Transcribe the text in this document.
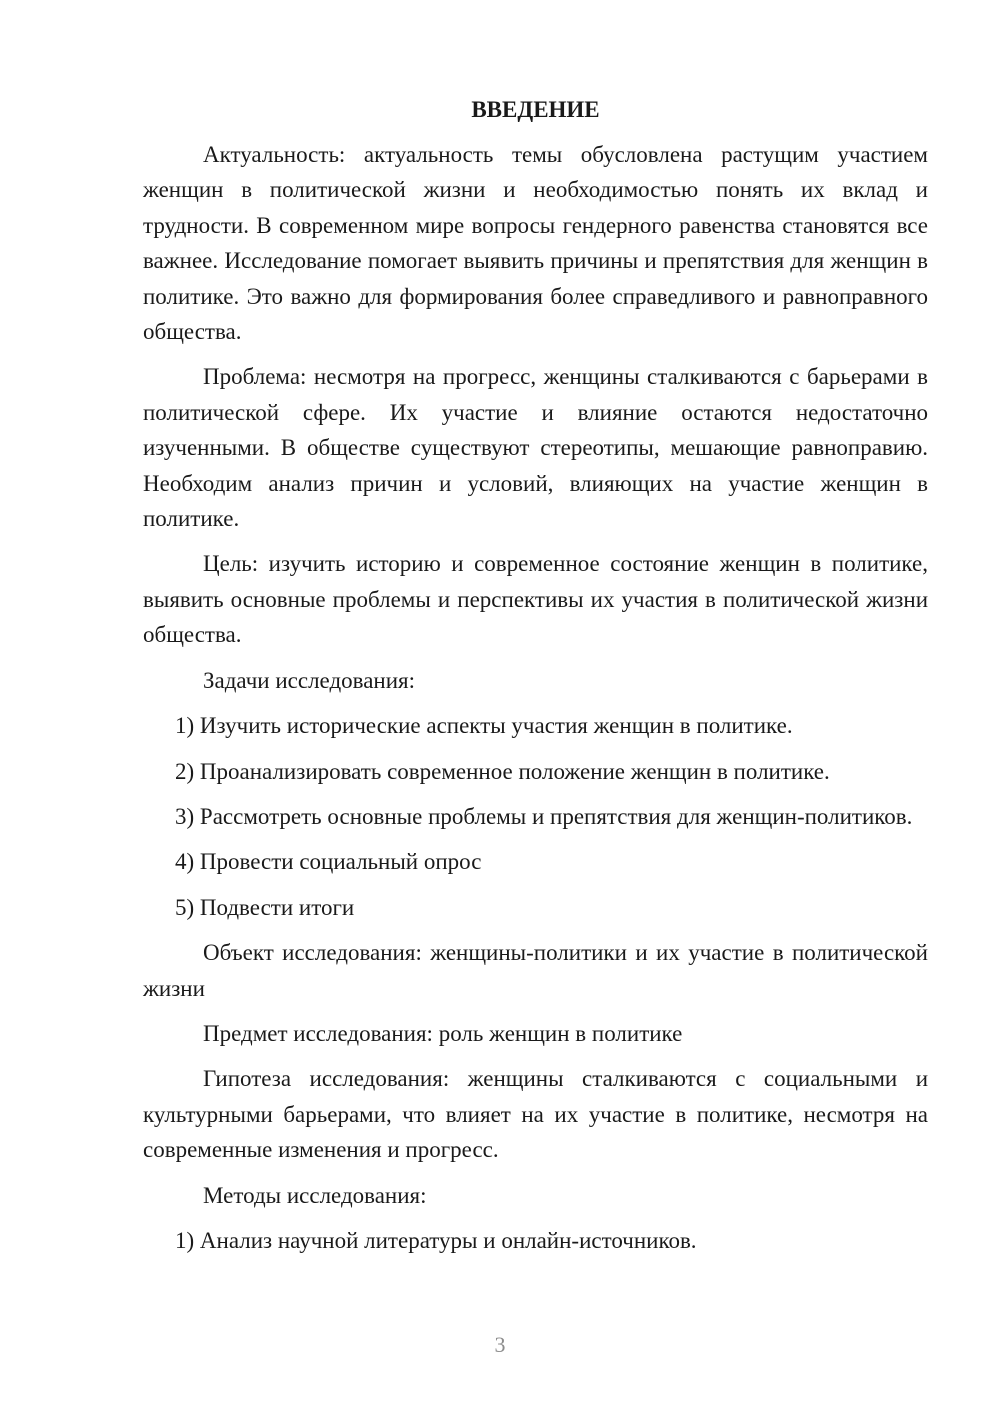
ВВЕДЕНИЕ

Актуальность: актуальность темы обусловлена растущим участием женщин в политической жизни и необходимостью понять их вклад и трудности. В современном мире вопросы гендерного равенства становятся все важнее. Исследование помогает выявить причины и препятствия для женщин в политике. Это важно для формирования более справедливого и равноправного общества.

Проблема: несмотря на прогресс, женщины сталкиваются с барьерами в политической сфере. Их участие и влияние остаются недостаточно изученными. В обществе существуют стереотипы, мешающие равноправию. Необходим анализ причин и условий, влияющих на участие женщин в политике.

Цель: изучить историю и современное состояние женщин в политике, выявить основные проблемы и перспективы их участия в политической жизни общества.

Задачи исследования:

1) Изучить исторические аспекты участия женщин в политике.

2) Проанализировать современное положение женщин в политике.

3) Рассмотреть основные проблемы и препятствия для женщин-политиков.

4) Провести социальный опрос

5) Подвести итоги

Объект исследования: женщины-политики и их участие в политической жизни

Предмет исследования: роль женщин в политике

Гипотеза исследования: женщины сталкиваются с социальными и культурными барьерами, что влияет на их участие в политике, несмотря на современные изменения и прогресс.

Методы исследования:

1) Анализ научной литературы и онлайн-источников.

3
